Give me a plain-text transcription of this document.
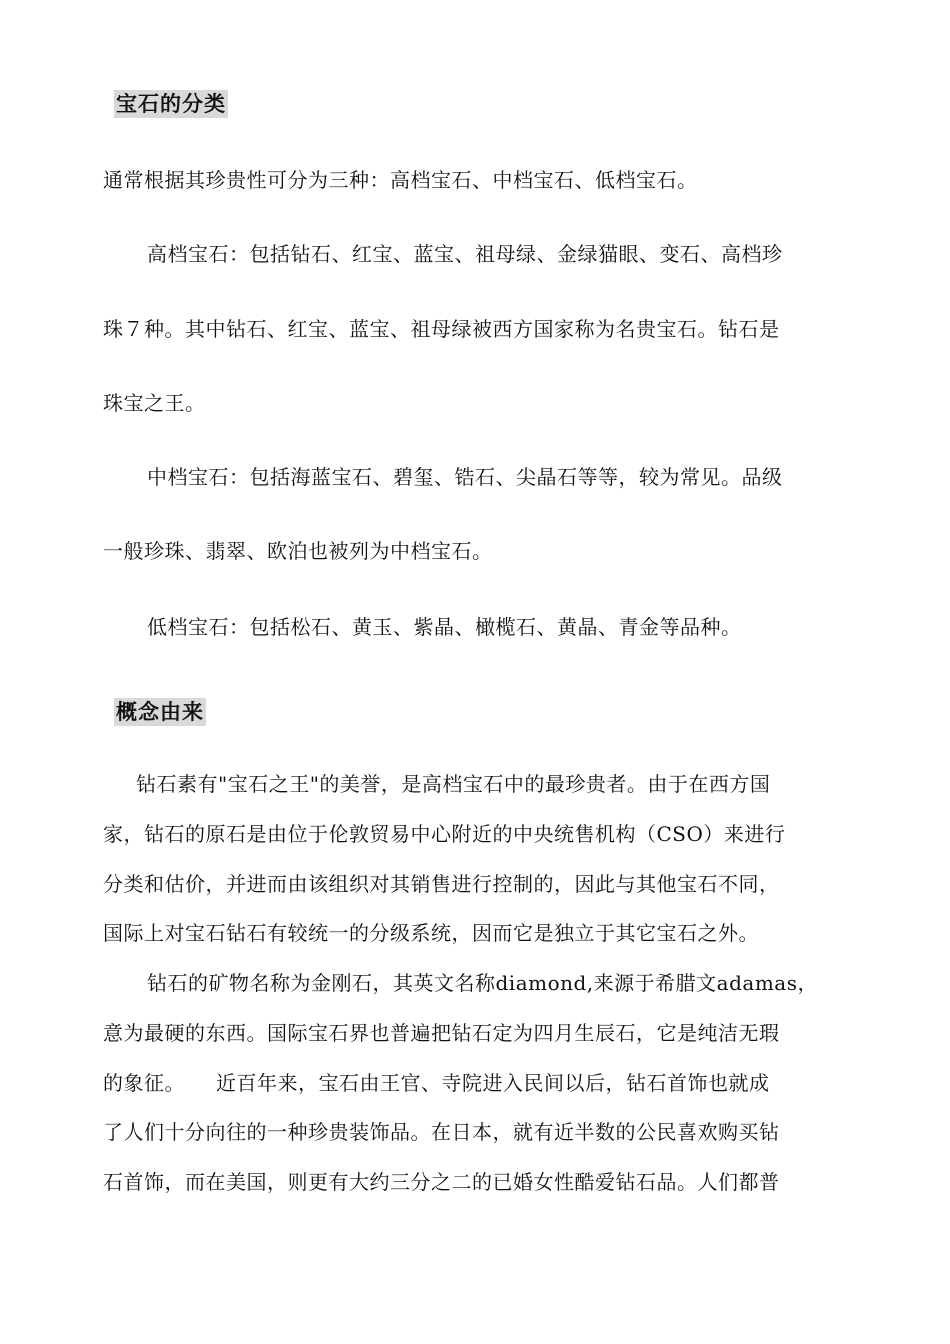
宝石的分类
通常根据其珍贵性可分为三种：高档宝石、中档宝石、低档宝石。
高档宝石：包括钻石、红宝、蓝宝、祖母绿、金绿猫眼、变石、高档珍
珠７种。其中钻石、红宝、蓝宝、祖母绿被西方国家称为名贵宝石。钻石是
珠宝之王。
中档宝石：包括海蓝宝石、碧玺、锆石、尖晶石等等，较为常见。品级
一般珍珠、翡翠、欧泊也被列为中档宝石。
低档宝石：包括松石、黄玉、紫晶、橄榄石、黄晶、青金等品种。
概念由来
钻石素有"宝石之王"的美誉，是高档宝石中的最珍贵者。由于在西方国
家，钻石的原石是由位于伦敦贸易中心附近的中央统售机构（CSO）来进行
分类和估价，并进而由该组织对其销售进行控制的，因此与其他宝石不同，
国际上对宝石钻石有较统一的分级系统，因而它是独立于其它宝石之外。
钻石的矿物名称为金刚石，其英文名称diamond,来源于希腊文adamas，
意为最硬的东西。国际宝石界也普遍把钻石定为四月生辰石，它是纯洁无瑕
的象征。　　近百年来，宝石由王官、寺院进入民间以后，钻石首饰也就成
了人们十分向往的一种珍贵装饰品。在日本，就有近半数的公民喜欢购买钻
石首饰，而在美国，则更有大约三分之二的已婚女性酷爱钻石品。人们都普
